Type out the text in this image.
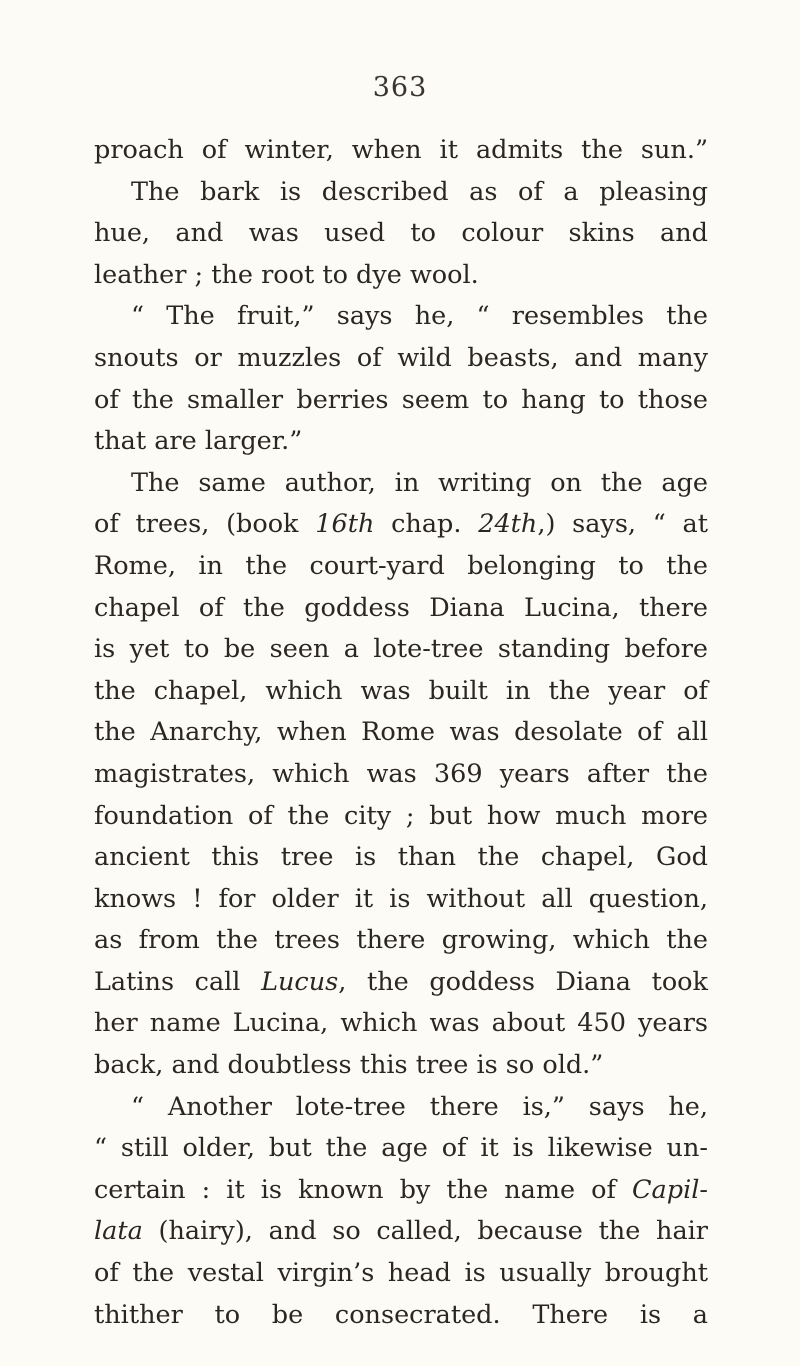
363
proach of winter, when it admits the sun.”
The bark is described as of a pleasing
hue, and was used to colour skins and
leather ; the root to dye wool.
“ The fruit,” says he, “ resembles the
snouts or muzzles of wild beasts, and many
of the smaller berries seem to hang to those
that are larger.”
The same author, in writing on the age
of trees, (book 16th chap. 24th,) says, “ at
Rome, in the court-yard belonging to the
chapel of the goddess Diana Lucina, there
is yet to be seen a lote-tree standing before
the chapel, which was built in the year of
the Anarchy, when Rome was desolate of all
magistrates, which was 369 years after the
foundation of the city ; but how much more
ancient this tree is than the chapel, God
knows ! for older it is without all question,
as from the trees there growing, which the
Latins call Lucus, the goddess Diana took
her name Lucina, which was about 450 years
back, and doubtless this tree is so old.”
“ Another lote-tree there is,” says he,
“ still older, but the age of it is likewise un-
certain : it is known by the name of Capil-
lata (hairy), and so called, because the hair
of the vestal virgin’s head is usually brought
thither to be consecrated. There is a
